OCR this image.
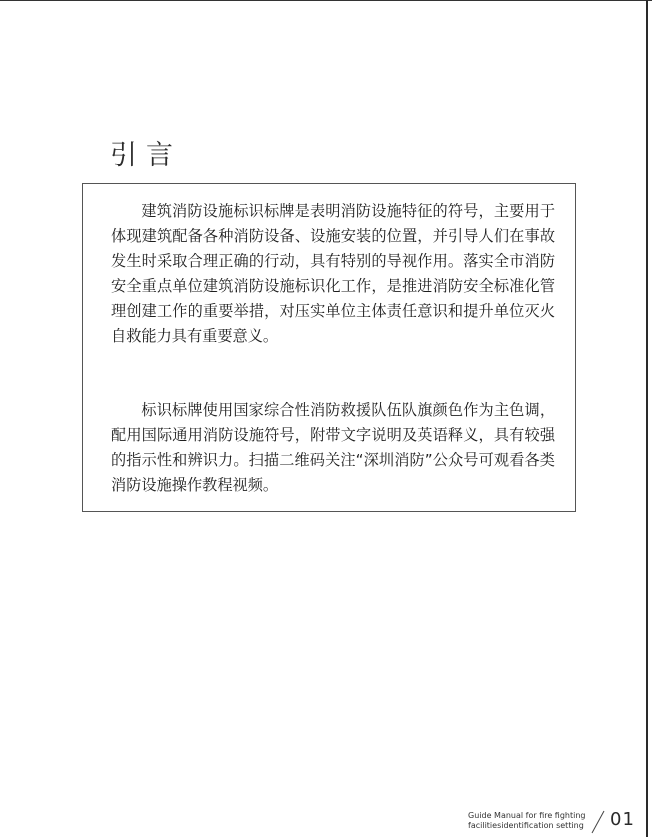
引言

建筑消防设施标识标牌是表明消防设施特征的符号，主要用于体现建筑配备各种消防设备、设施安装的位置，并引导人们在事故发生时采取合理正确的行动，具有特别的导视作用。落实全市消防安全重点单位建筑消防设施标识化工作，是推进消防安全标准化管理创建工作的重要举措，对压实单位主体责任意识和提升单位灭火自救能力具有重要意义。

标识标牌使用国家综合性消防救援队伍队旗颜色作为主色调，配用国际通用消防设施符号，附带文字说明及英语释义，具有较强的指示性和辨识力。扫描二维码关注“深圳消防”公众号可观看各类消防设施操作教程视频。

Guide Manual for fire fighting
facilitiesidentification setting 01
